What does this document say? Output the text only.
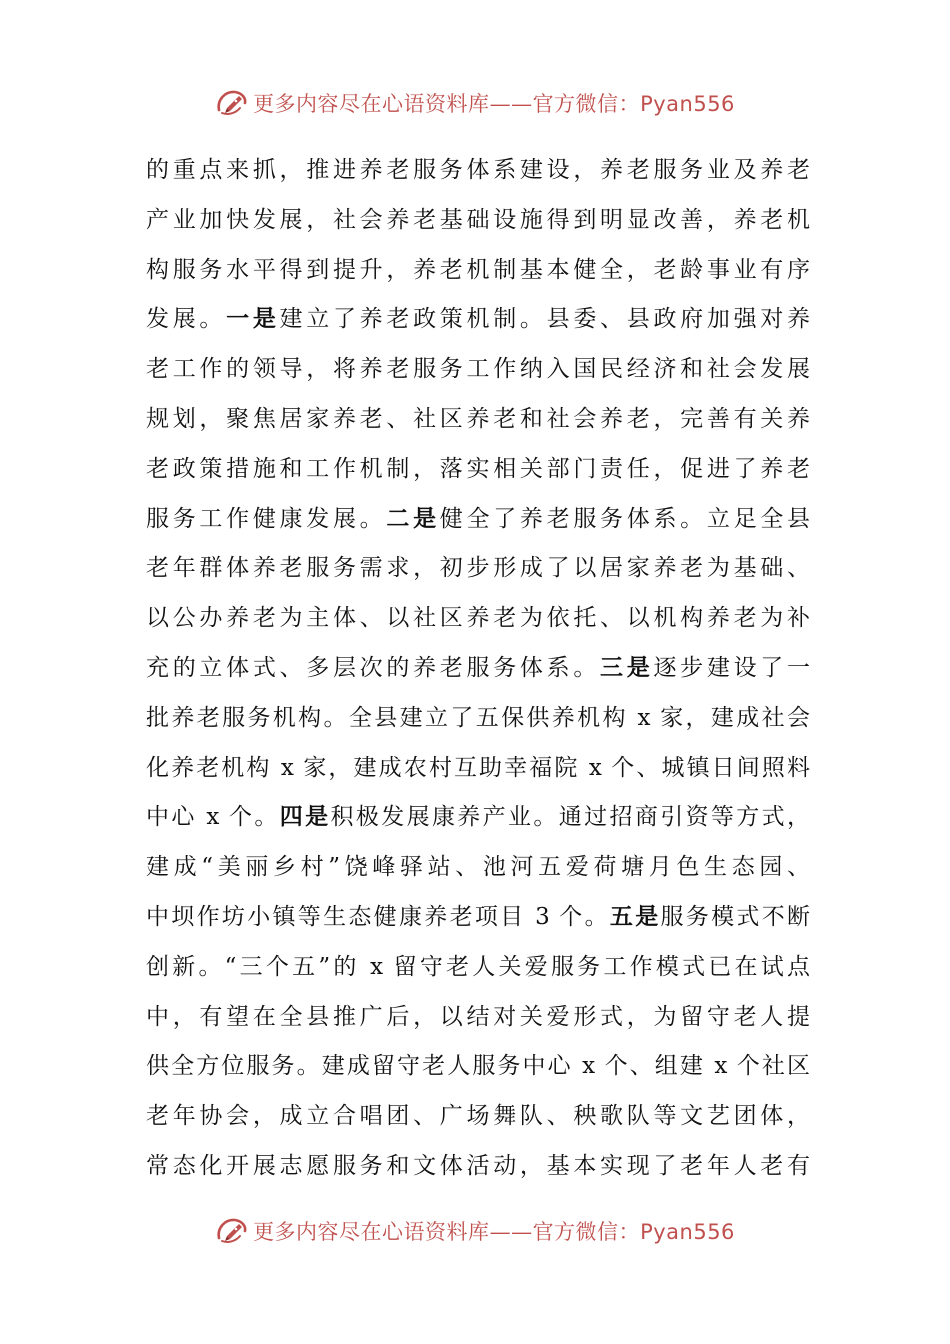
更多内容尽在心语资料库——官方微信：Pyan556
的重点来抓，推进养老服务体系建设，养老服务业及养老
产业加快发展，社会养老基础设施得到明显改善，养老机
构服务水平得到提升，养老机制基本健全，老龄事业有序
发展。一是建立了养老政策机制。县委、县政府加强对养
老工作的领导，将养老服务工作纳入国民经济和社会发展
规划，聚焦居家养老、社区养老和社会养老，完善有关养
老政策措施和工作机制，落实相关部门责任，促进了养老
服务工作健康发展。二是健全了养老服务体系。立足全县
老年群体养老服务需求，初步形成了以居家养老为基础、
以公办养老为主体、以社区养老为依托、以机构养老为补
充的立体式、多层次的养老服务体系。三是逐步建设了一
批养老服务机构。全县建立了五保供养机构 x 家，建成社会
化养老机构 x 家，建成农村互助幸福院 x 个、城镇日间照料
中心 x 个。四是积极发展康养产业。通过招商引资等方式，
建成“美丽乡村”饶峰驿站、池河五爱荷塘月色生态园、
中坝作坊小镇等生态健康养老项目 3 个。五是服务模式不断
创新。“三个五”的 x 留守老人关爱服务工作模式已在试点
中，有望在全县推广后，以结对关爱形式，为留守老人提
供全方位服务。建成留守老人服务中心 x 个、组建 x 个社区
老年协会，成立合唱团、广场舞队、秧歌队等文艺团体，
常态化开展志愿服务和文体活动，基本实现了老年人老有
更多内容尽在心语资料库——官方微信：Pyan556
